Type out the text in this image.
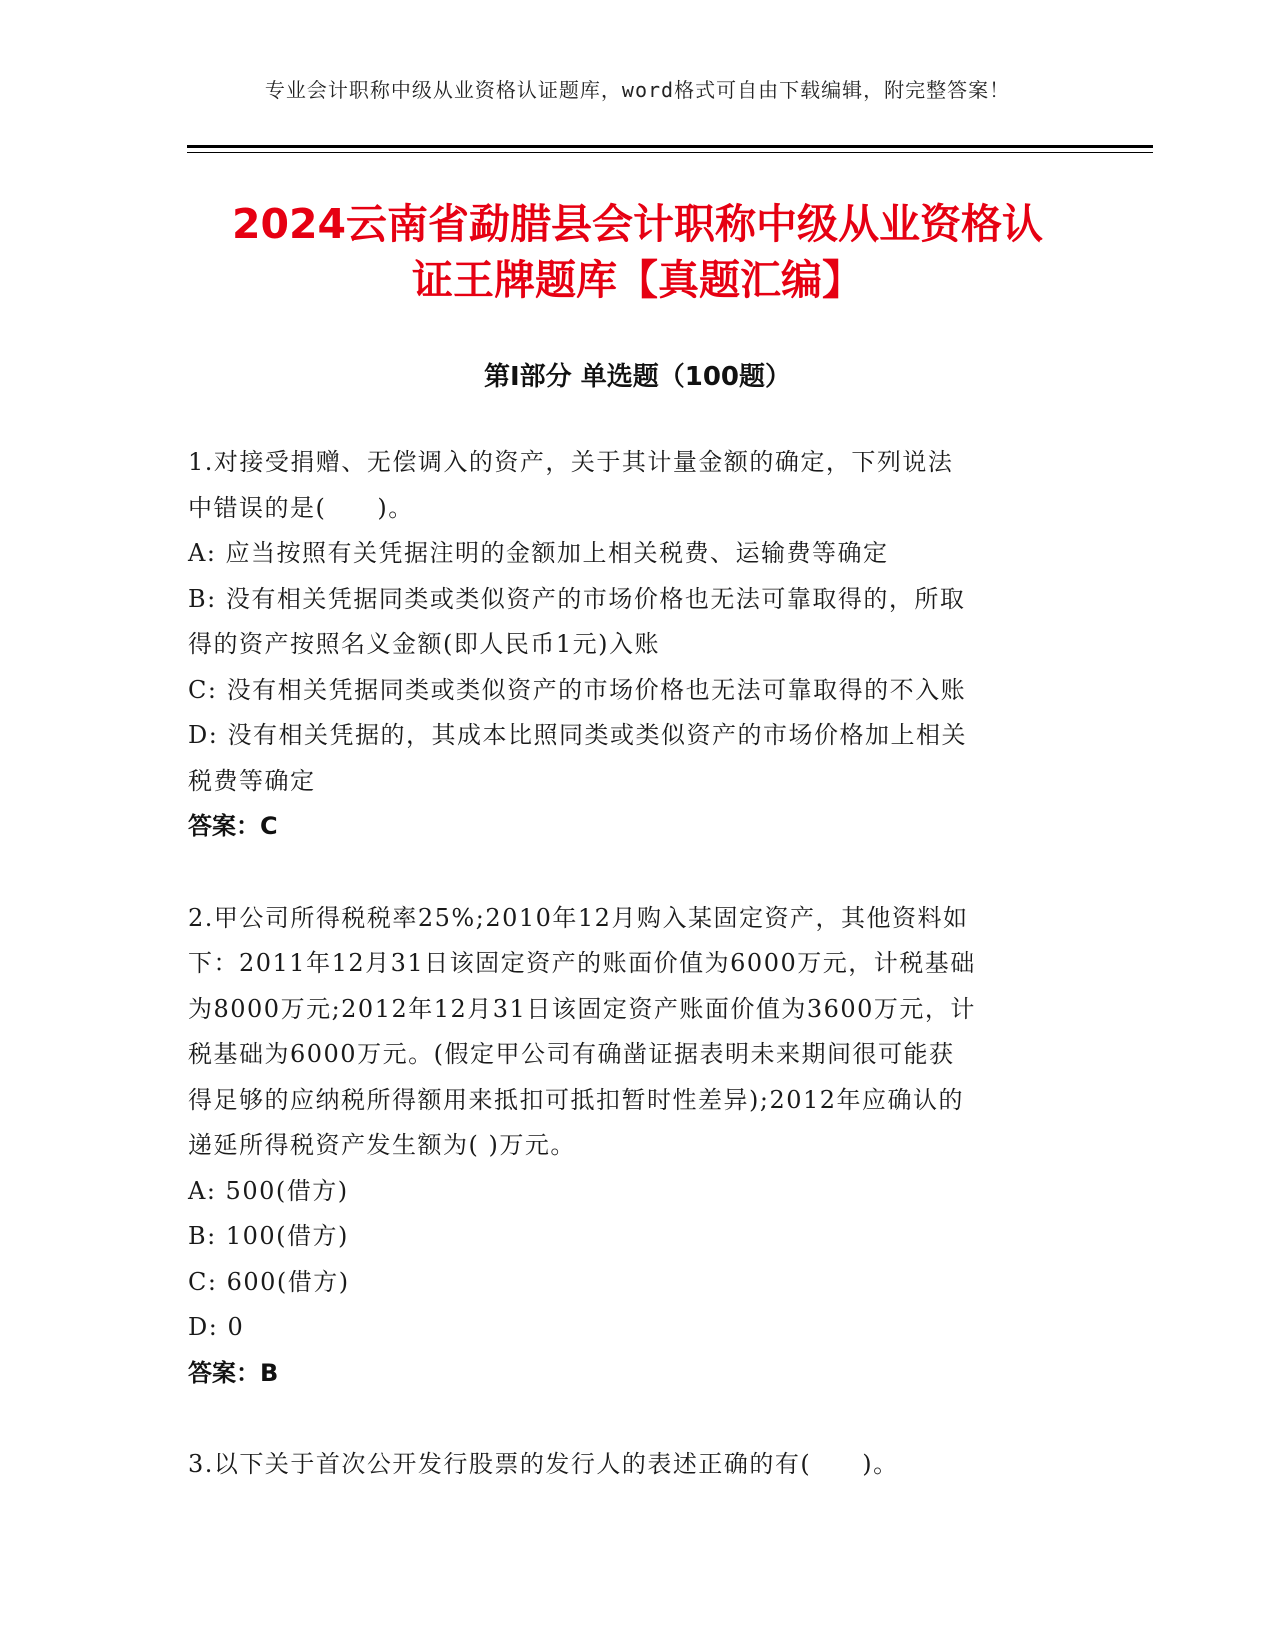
专业会计职称中级从业资格认证题库，word格式可自由下载编辑，附完整答案！
2024云南省勐腊县会计职称中级从业资格认
证王牌题库【真题汇编】
第I部分 单选题（100题）
1.对接受捐赠、无偿调入的资产，关于其计量金额的确定，下列说法
中错误的是(　　)。
A: 应当按照有关凭据注明的金额加上相关税费、运输费等确定
B: 没有相关凭据同类或类似资产的市场价格也无法可靠取得的，所取
得的资产按照名义金额(即人民币1元)入账
C: 没有相关凭据同类或类似资产的市场价格也无法可靠取得的不入账
D: 没有相关凭据的，其成本比照同类或类似资产的市场价格加上相关
税费等确定
答案：C
2.甲公司所得税税率25%;2010年12月购入某固定资产，其他资料如
下：2011年12月31日该固定资产的账面价值为6000万元，计税基础
为8000万元;2012年12月31日该固定资产账面价值为3600万元，计
税基础为6000万元。(假定甲公司有确凿证据表明未来期间很可能获
得足够的应纳税所得额用来抵扣可抵扣暂时性差异);2012年应确认的
递延所得税资产发生额为( )万元。
A: 500(借方)
B: 100(借方)
C: 600(借方)
D: 0
答案：B
3.以下关于首次公开发行股票的发行人的表述正确的有(　　)。
